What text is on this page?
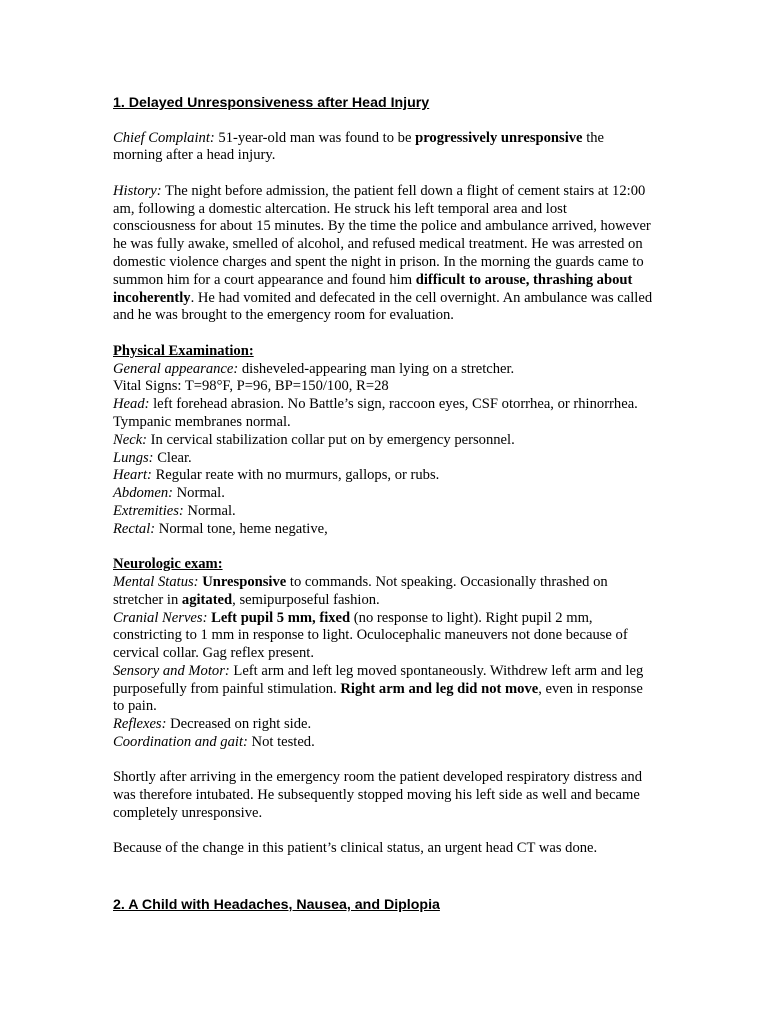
1. Delayed Unresponsiveness after Head Injury

Chief Complaint: 51-year-old man was found to be progressively unresponsive the morning after a head injury.

History: The night before admission, the patient fell down a flight of cement stairs at 12:00 am, following a domestic altercation. He struck his left temporal area and lost consciousness for about 15 minutes. By the time the police and ambulance arrived, however he was fully awake, smelled of alcohol, and refused medical treatment. He was arrested on domestic violence charges and spent the night in prison. In the morning the guards came to summon him for a court appearance and found him difficult to arouse, thrashing about incoherently. He had vomited and defecated in the cell overnight. An ambulance was called and he was brought to the emergency room for evaluation.

Physical Examination:

General appearance: disheveled-appearing man lying on a stretcher.

Vital Signs: T=98°F, P=96, BP=150/100, R=28

Head: left forehead abrasion. No Battle’s sign, raccoon eyes, CSF otorrhea, or rhinorrhea. Tympanic membranes normal.

Neck: In cervical stabilization collar put on by emergency personnel.

Lungs: Clear.

Heart: Regular reate with no murmurs, gallops, or rubs.

Abdomen: Normal.

Extremities: Normal.

Rectal: Normal tone, heme negative,

Neurologic exam:

Mental Status: Unresponsive to commands. Not speaking. Occasionally thrashed on stretcher in agitated, semipurposeful fashion.

Cranial Nerves: Left pupil 5 mm, fixed (no response to light). Right pupil 2 mm, constricting to 1 mm in response to light. Oculocephalic maneuvers not done because of cervical collar. Gag reflex present.

Sensory and Motor: Left arm and left leg moved spontaneously. Withdrew left arm and leg purposefully from painful stimulation. Right arm and leg did not move, even in response to pain.

Reflexes: Decreased on right side.

Coordination and gait: Not tested.

Shortly after arriving in the emergency room the patient developed respiratory distress and was therefore intubated. He subsequently stopped moving his left side as well and became completely unresponsive.

Because of the change in this patient’s clinical status, an urgent head CT was done.

2. A Child with Headaches, Nausea, and Diplopia
